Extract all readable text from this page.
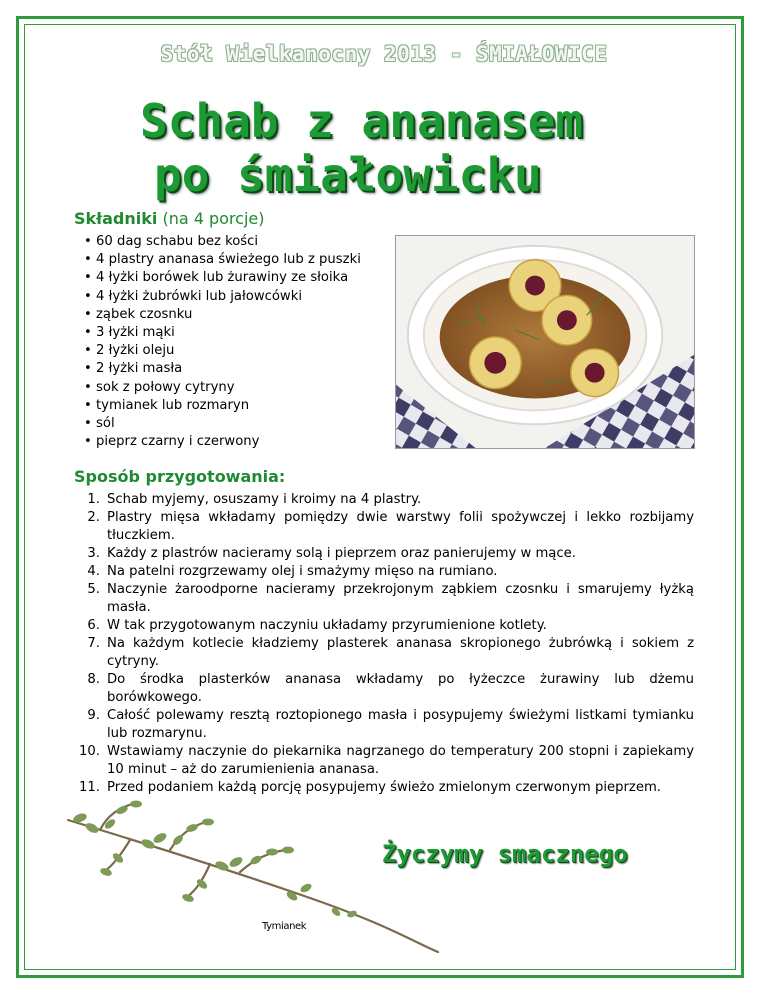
Stół Wielkanocny 2013 - ŚMIAŁOWICE
Schab z ananasem
po śmiałowicku
Składniki (na 4 porcje)
• 60 dag schabu bez kości
• 4 plastry ananasa świeżego lub z puszki
• 4 łyżki borówek lub żurawiny ze słoika
• 4 łyżki żubrówki lub jałowcówki
• ząbek czosnku
• 3 łyżki mąki
• 2 łyżki oleju
• 2 łyżki masła
• sok z połowy cytryny
• tymianek lub rozmaryn
• sól
• pieprz czarny i czerwony
Sposób przygotowania:
1. Schab myjemy, osuszamy i kroimy na 4 plastry.
2. Plastry mięsa wkładamy pomiędzy dwie warstwy folii spożywczej i lekko rozbijamy tłuczkiem.
3. Każdy z plastrów nacieramy solą i pieprzem oraz panierujemy w mące.
4. Na patelni rozgrzewamy olej i smażymy mięso na rumiano.
5. Naczynie żaroodporne nacieramy przekrojonym ząbkiem czosnku i smarujemy łyżką masła.
6. W tak przygotowanym naczyniu układamy przyrumienione kotlety.
7. Na każdym kotlecie kładziemy plasterek ananasa skropionego żubrówką i sokiem z cytryny.
8. Do środka plasterków ananasa wkładamy po łyżeczce żurawiny lub dżemu borówkowego.
9. Całość polewamy resztą roztopionego masła i posypujemy świeżymi listkami tymianku lub rozmarynu.
10. Wstawiamy naczynie do piekarnika nagrzanego do temperatury 200 stopni i zapiekamy 10 minut – aż do zarumienienia ananasa.
11. Przed podaniem każdą porcję posypujemy świeżo zmielonym czerwonym pieprzem.
Tymianek
Życzymy smacznego
